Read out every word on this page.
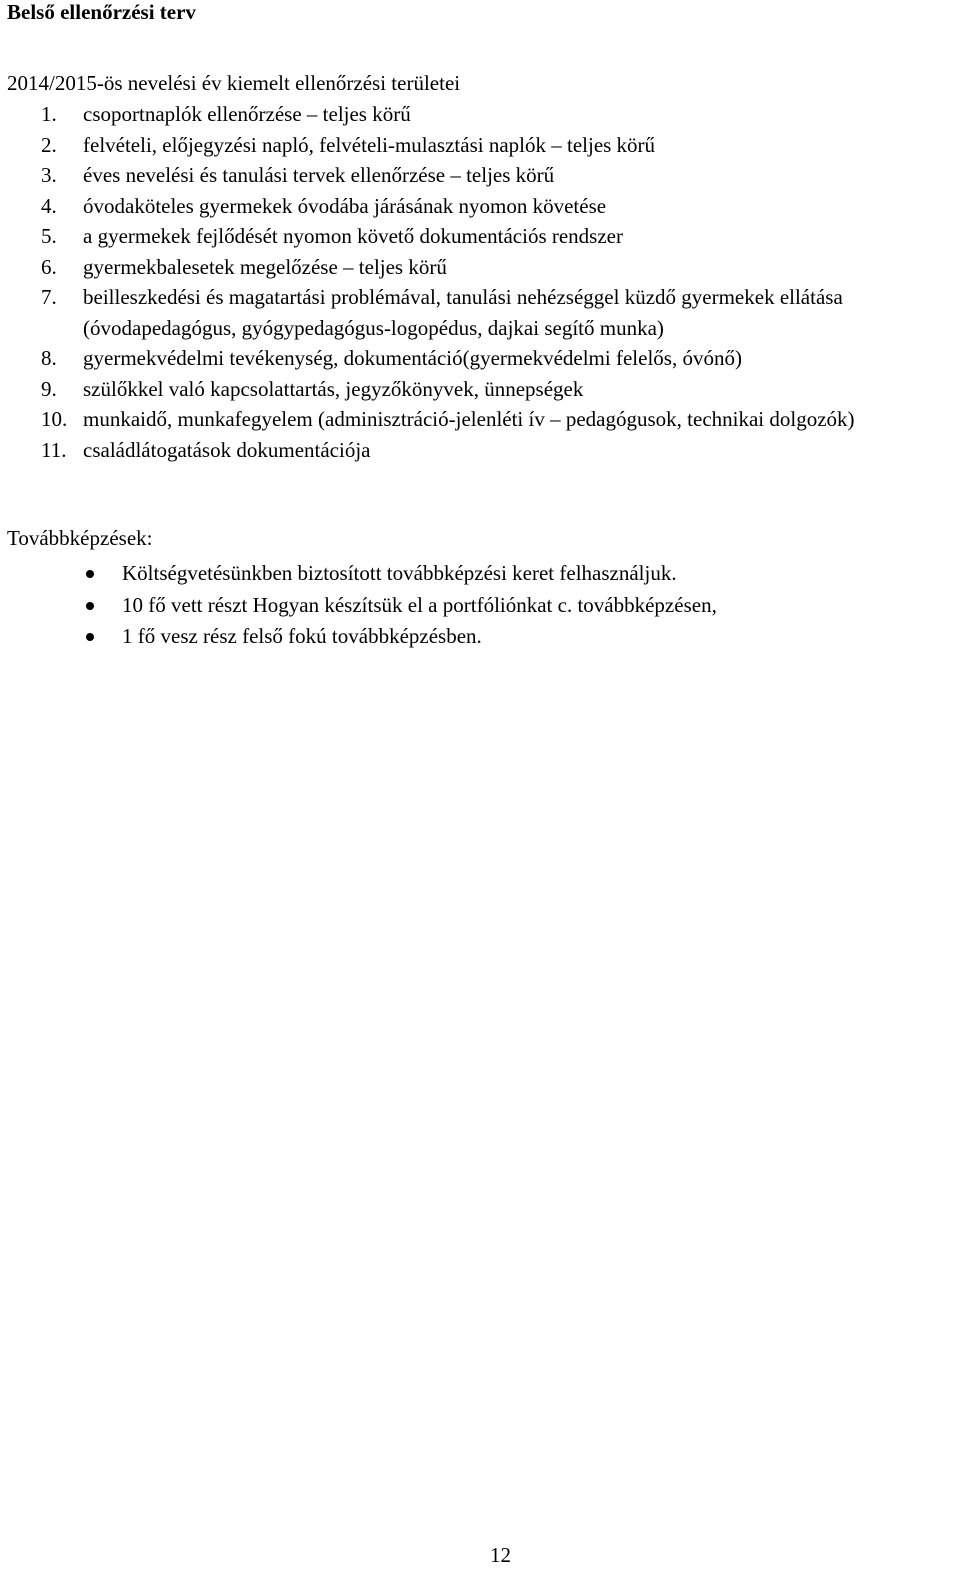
Belső ellenőrzési terv

2014/2015-ös nevelési év kiemelt ellenőrzési területei

1. csoportnaplók ellenőrzése – teljes körű
2. felvételi, előjegyzési napló, felvételi-mulasztási naplók – teljes körű
3. éves nevelési és tanulási tervek ellenőrzése – teljes körű
4. óvodaköteles gyermekek óvodába járásának nyomon követése
5. a gyermekek fejlődését nyomon követő dokumentációs rendszer
6. gyermekbalesetek megelőzése – teljes körű
7. beilleszkedési és magatartási problémával, tanulási nehézséggel küzdő gyermekek ellátása (óvodapedagógus, gyógypedagógus-logopédus, dajkai segítő munka)
8. gyermekvédelmi tevékenység, dokumentáció(gyermekvédelmi felelős, óvónő)
9. szülőkkel való kapcsolattartás, jegyzőkönyvek, ünnepségek
10. munkaidő, munkafegyelem (adminisztráció-jelenléti ív – pedagógusok, technikai dolgozók)
11. családlátogatások dokumentációja

Továbbképzések:

Költségvetésünkben biztosított továbbképzési keret felhasználjuk.
10 fő vett részt Hogyan készítsük el a portfóliónkat c. továbbképzésen,
1 fő vesz rész felső fokú továbbképzésben.

12
